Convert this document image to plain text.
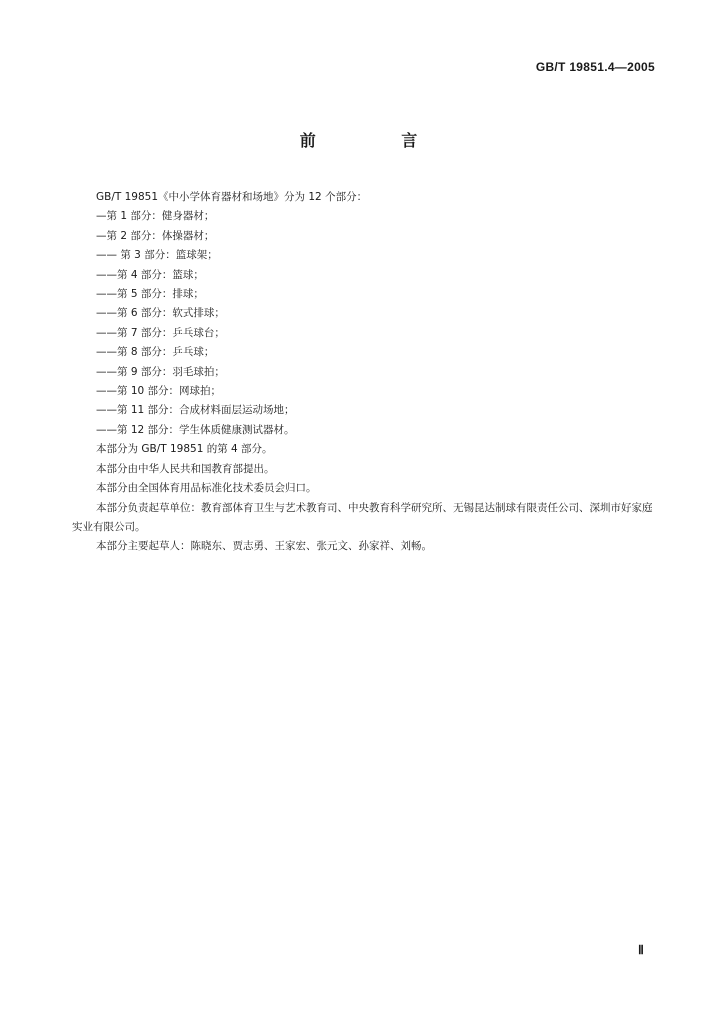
GB/T 19851.4—2005
前 言
GB/T 19851《中小学体育器材和场地》分为 12 个部分：
—第 1 部分：健身器材；
—第 2 部分：体操器材；
—— 第 3 部分：篮球架；
——第 4 部分：篮球；
——第 5 部分：排球；
——第 6 部分：软式排球；
——第 7 部分：乒乓球台；
——第 8 部分：乒乓球；
——第 9 部分：羽毛球拍；
——第 10 部分：网球拍；
——第 11 部分：合成材料面层运动场地；
——第 12 部分：学生体质健康测试器材。
本部分为 GB/T 19851 的第 4 部分。
本部分由中华人民共和国教育部提出。
本部分由全国体育用品标准化技术委员会归口。
本部分负责起草单位：教育部体育卫生与艺术教育司、中央教育科学研究所、无锡昆达制球有限责任公司、深圳市好家庭实业有限公司。
本部分主要起草人：陈晓东、贾志勇、王家宏、张元文、孙家祥、刘畅。
Ⅱ
